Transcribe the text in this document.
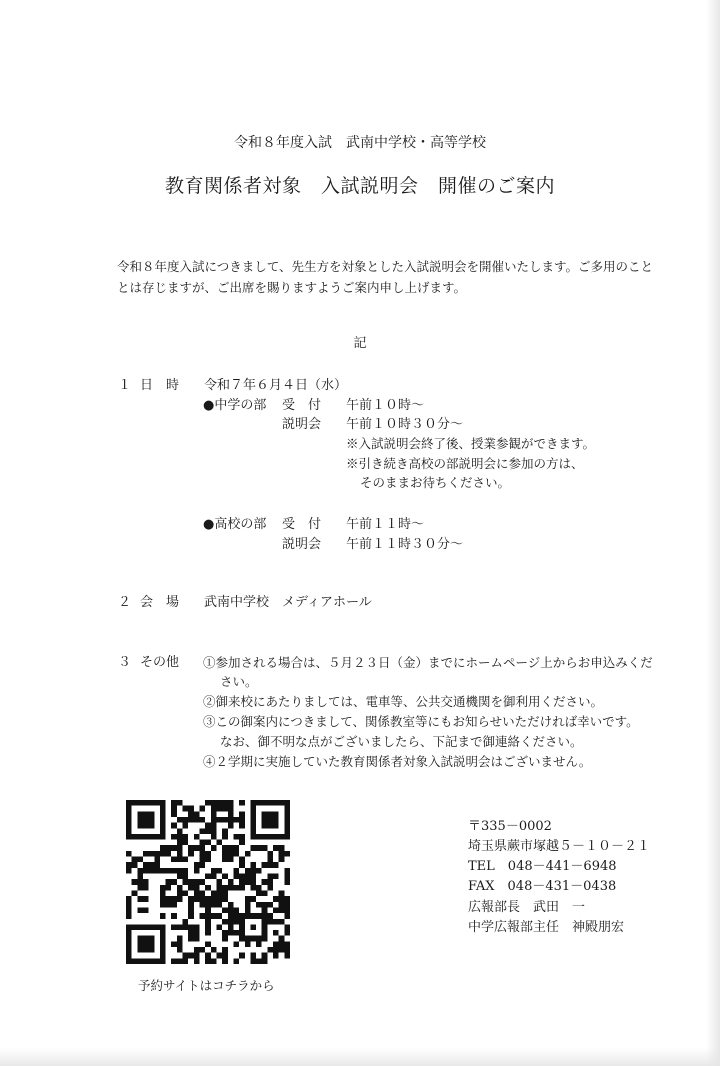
令和８年度入試　武南中学校・高等学校
教育関係者対象　入試説明会　開催のご案内

令和８年度入試につきまして、先生方を対象とした入試説明会を開催いたします。ご多用のこと

とは存じますが、ご出席を賜りますようご案内申し上げます。

記
１ 日　時 令和７年６月４日（水）
●中学の部 受　付 午前１０時～
説明会 午前１０時３０分～
※入試説明会終了後、授業参観ができます。
※引き続き高校の部説明会に参加の方は、
そのままお待ちください。
●高校の部 受　付 午前１１時～
説明会 午前１１時３０分～
２ 会　場 武南中学校　メディアホール
３ その他 ①参加される場合は、５月２３日（金）までにホームページ上からお申込みくだ
さい。
②御来校にあたりましては、電車等、公共交通機関を御利用ください。
③この御案内につきまして、関係教室等にもお知らせいただければ幸いです。
なお、御不明な点がございましたら、下記まで御連絡ください。
④２学期に実施していた教育関係者対象入試説明会はございません。
予約サイトはコチラから
〒335－0002
埼玉県蕨市塚越５－１０－２１
TEL　048－441－6948
FAX　048－431－0438
広報部長　武田　一
中学広報部主任　神殿朋宏
